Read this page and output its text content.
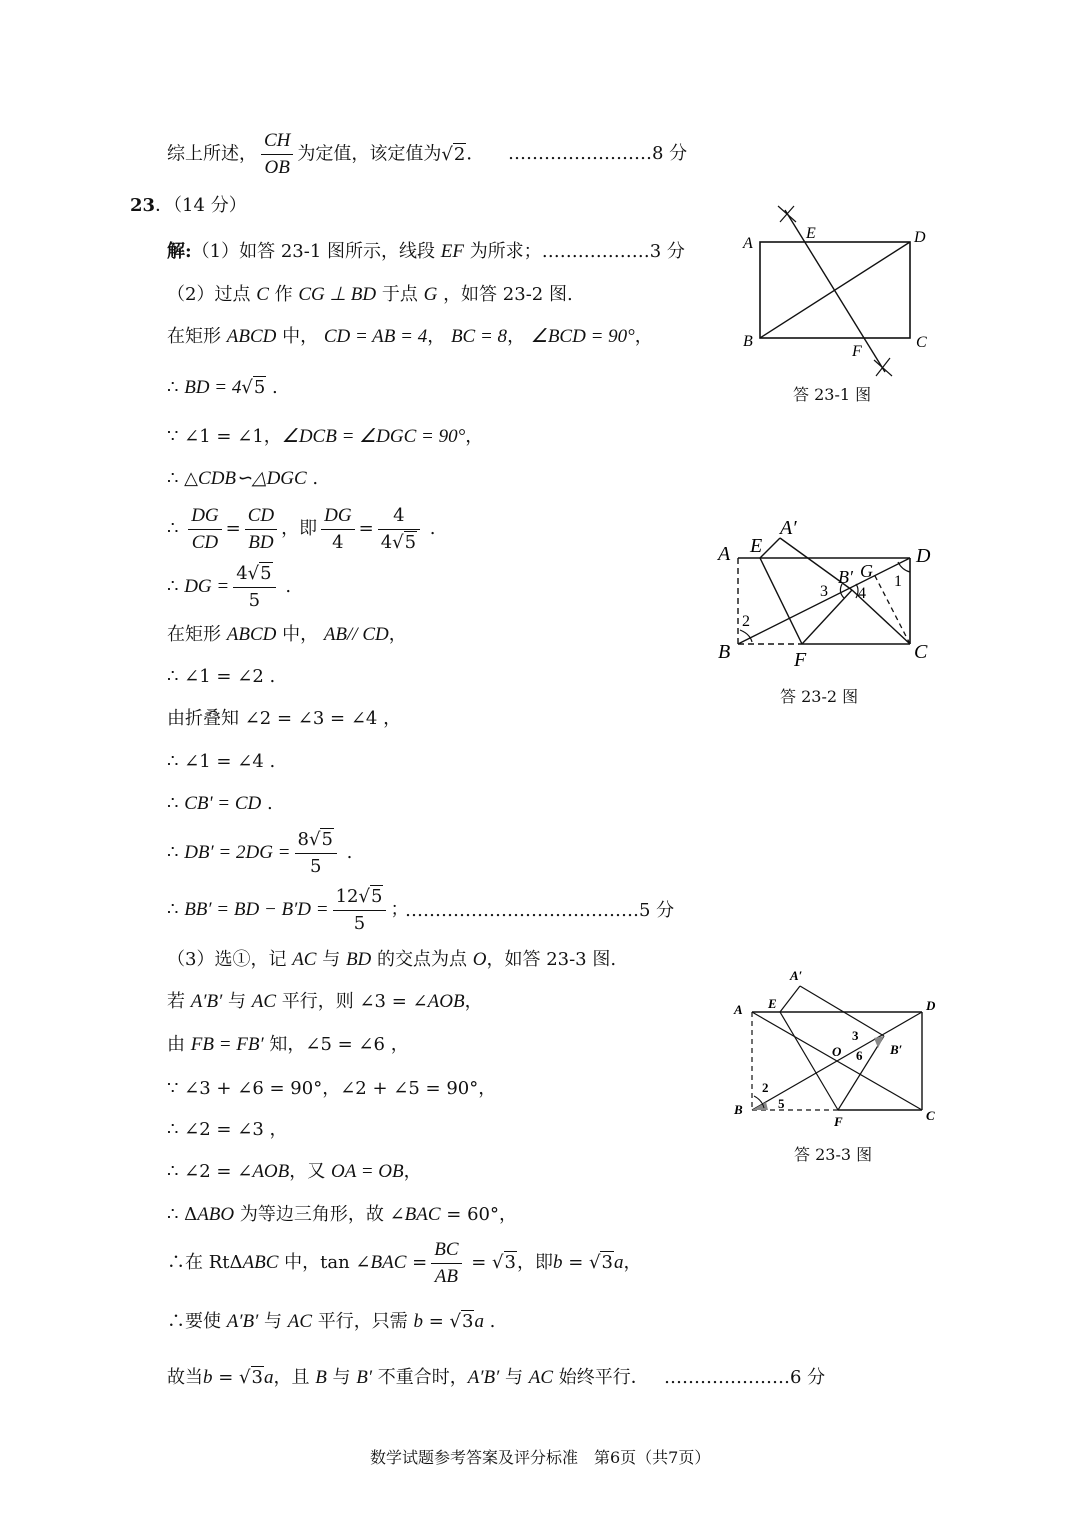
综上所述， $\frac{CH}{OB}$ 为定值，该定值为√2． ……………………8 分
23．（14 分）
解:（1）如答 23-1 图所示，线段 EF 为所求；………………3 分
（2）过点 C 作 CG ⊥ BD 于点 G ，如答 23-2 图.
在矩形 ABCD 中， CD = AB = 4， BC = 8， ∠BCD = 90°，
∴ BD = 4√5 .
∵ ∠1 = ∠1，∠DCB = ∠DGC = 90°，
∴ △CDB∽△DGC .
∴ $\frac{DG}{CD} = \frac{CD}{BD}$ ，即 $\frac{DG}{4} = \frac{4}{4√5}$ .
∴ DG = $\frac{4√5}{5}$ .
在矩形 ABCD 中， AB// CD，
∴ ∠1 = ∠2 .
由折叠知 ∠2 = ∠3 = ∠4 ，
∴ ∠1 = ∠4 .
∴ CB' = CD .
∴ $DB' = 2DG = \frac{8√5}{5}$ .
∴ BB′ = BD − $B'D = \frac{12√5}{5}$ ；
…………………………………5 分
（3）选①，记 AC 与 BD 的交点为点 O，如答 23-3 图.
若 A′B′ 与 AC 平行，则 ∠3 = ∠AOB，
由 FB = FB′ 知，∠5 = ∠6 ，
∵ ∠3 + ∠6 = 90°，∠2 + ∠5 = 90°，
∴ ∠2 = ∠3 ，
∴ ∠2 = ∠AOB，又 OA = OB，
∴ ΔABO 为等边三角形，故 ∠BAC = 60°，
∴在 RtΔABC 中，tan ∠BAC = $\frac{BC}{AB} = √3$，即b = √3a，
∴要使 A′B′ 与 AC 平行，只需 b = √3a .
故当b = √3a，且 B 与 B′ 不重合时，A′B′ 与 AC 始终平行． …………………6 分
A
E	D
B
F
C
答 23-1 图
A E
A′
D
B′ G
1
3 4
2
B	F	C
答 23-2 图
A′
A E	D
3
O 6 B′
2
5
B
F	C
答 23-3 图
数学试题参考答案及评分标准　第6页（共7页）
